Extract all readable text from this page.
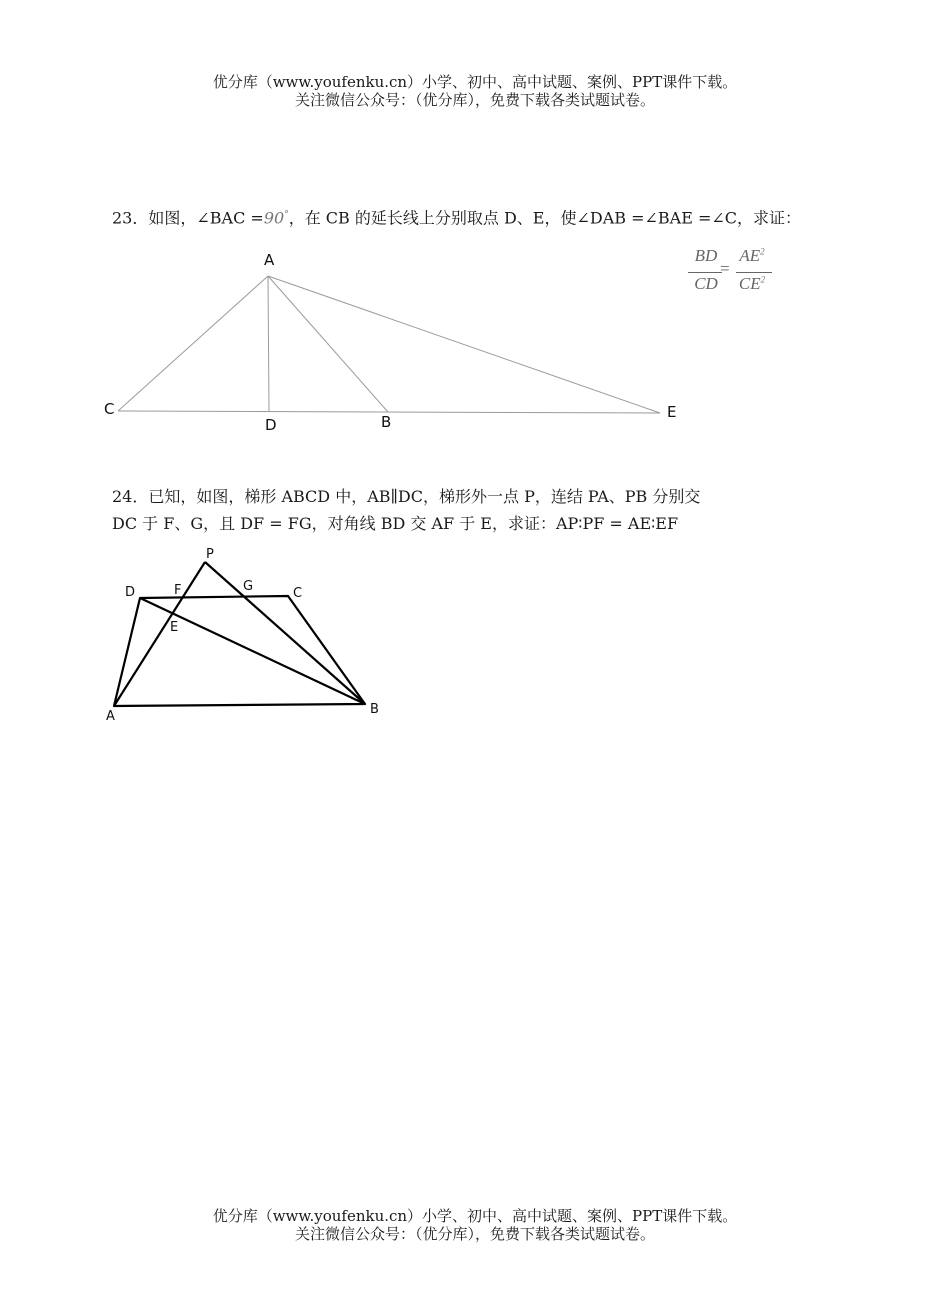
优分库（www.youfenku.cn）小学、初中、高中试题、案例、PPT课件下载。
关注微信公众号：（优分库），免费下载各类试题试卷。
23．如图，∠BAC =90°，在 CB 的延长线上分别取点 D、E，使∠DAB =∠BAE =∠C，求证：
BD
CD
=
$AE^2$
$CE^2$
A
C
D	B
E
24．已知，如图，梯形 ABCD 中，AB∥DC，梯形外一点 P，连结 PA、PB 分别交
DC 于 F、G，且 DF = FG，对角线 BD 交 AF 于 E，求证：AP∶PF = AE∶EF
P
D	F	G	C
E
A	B
优分库（www.youfenku.cn）小学、初中、高中试题、案例、PPT课件下载。
关注微信公众号：（优分库），免费下载各类试题试卷。
